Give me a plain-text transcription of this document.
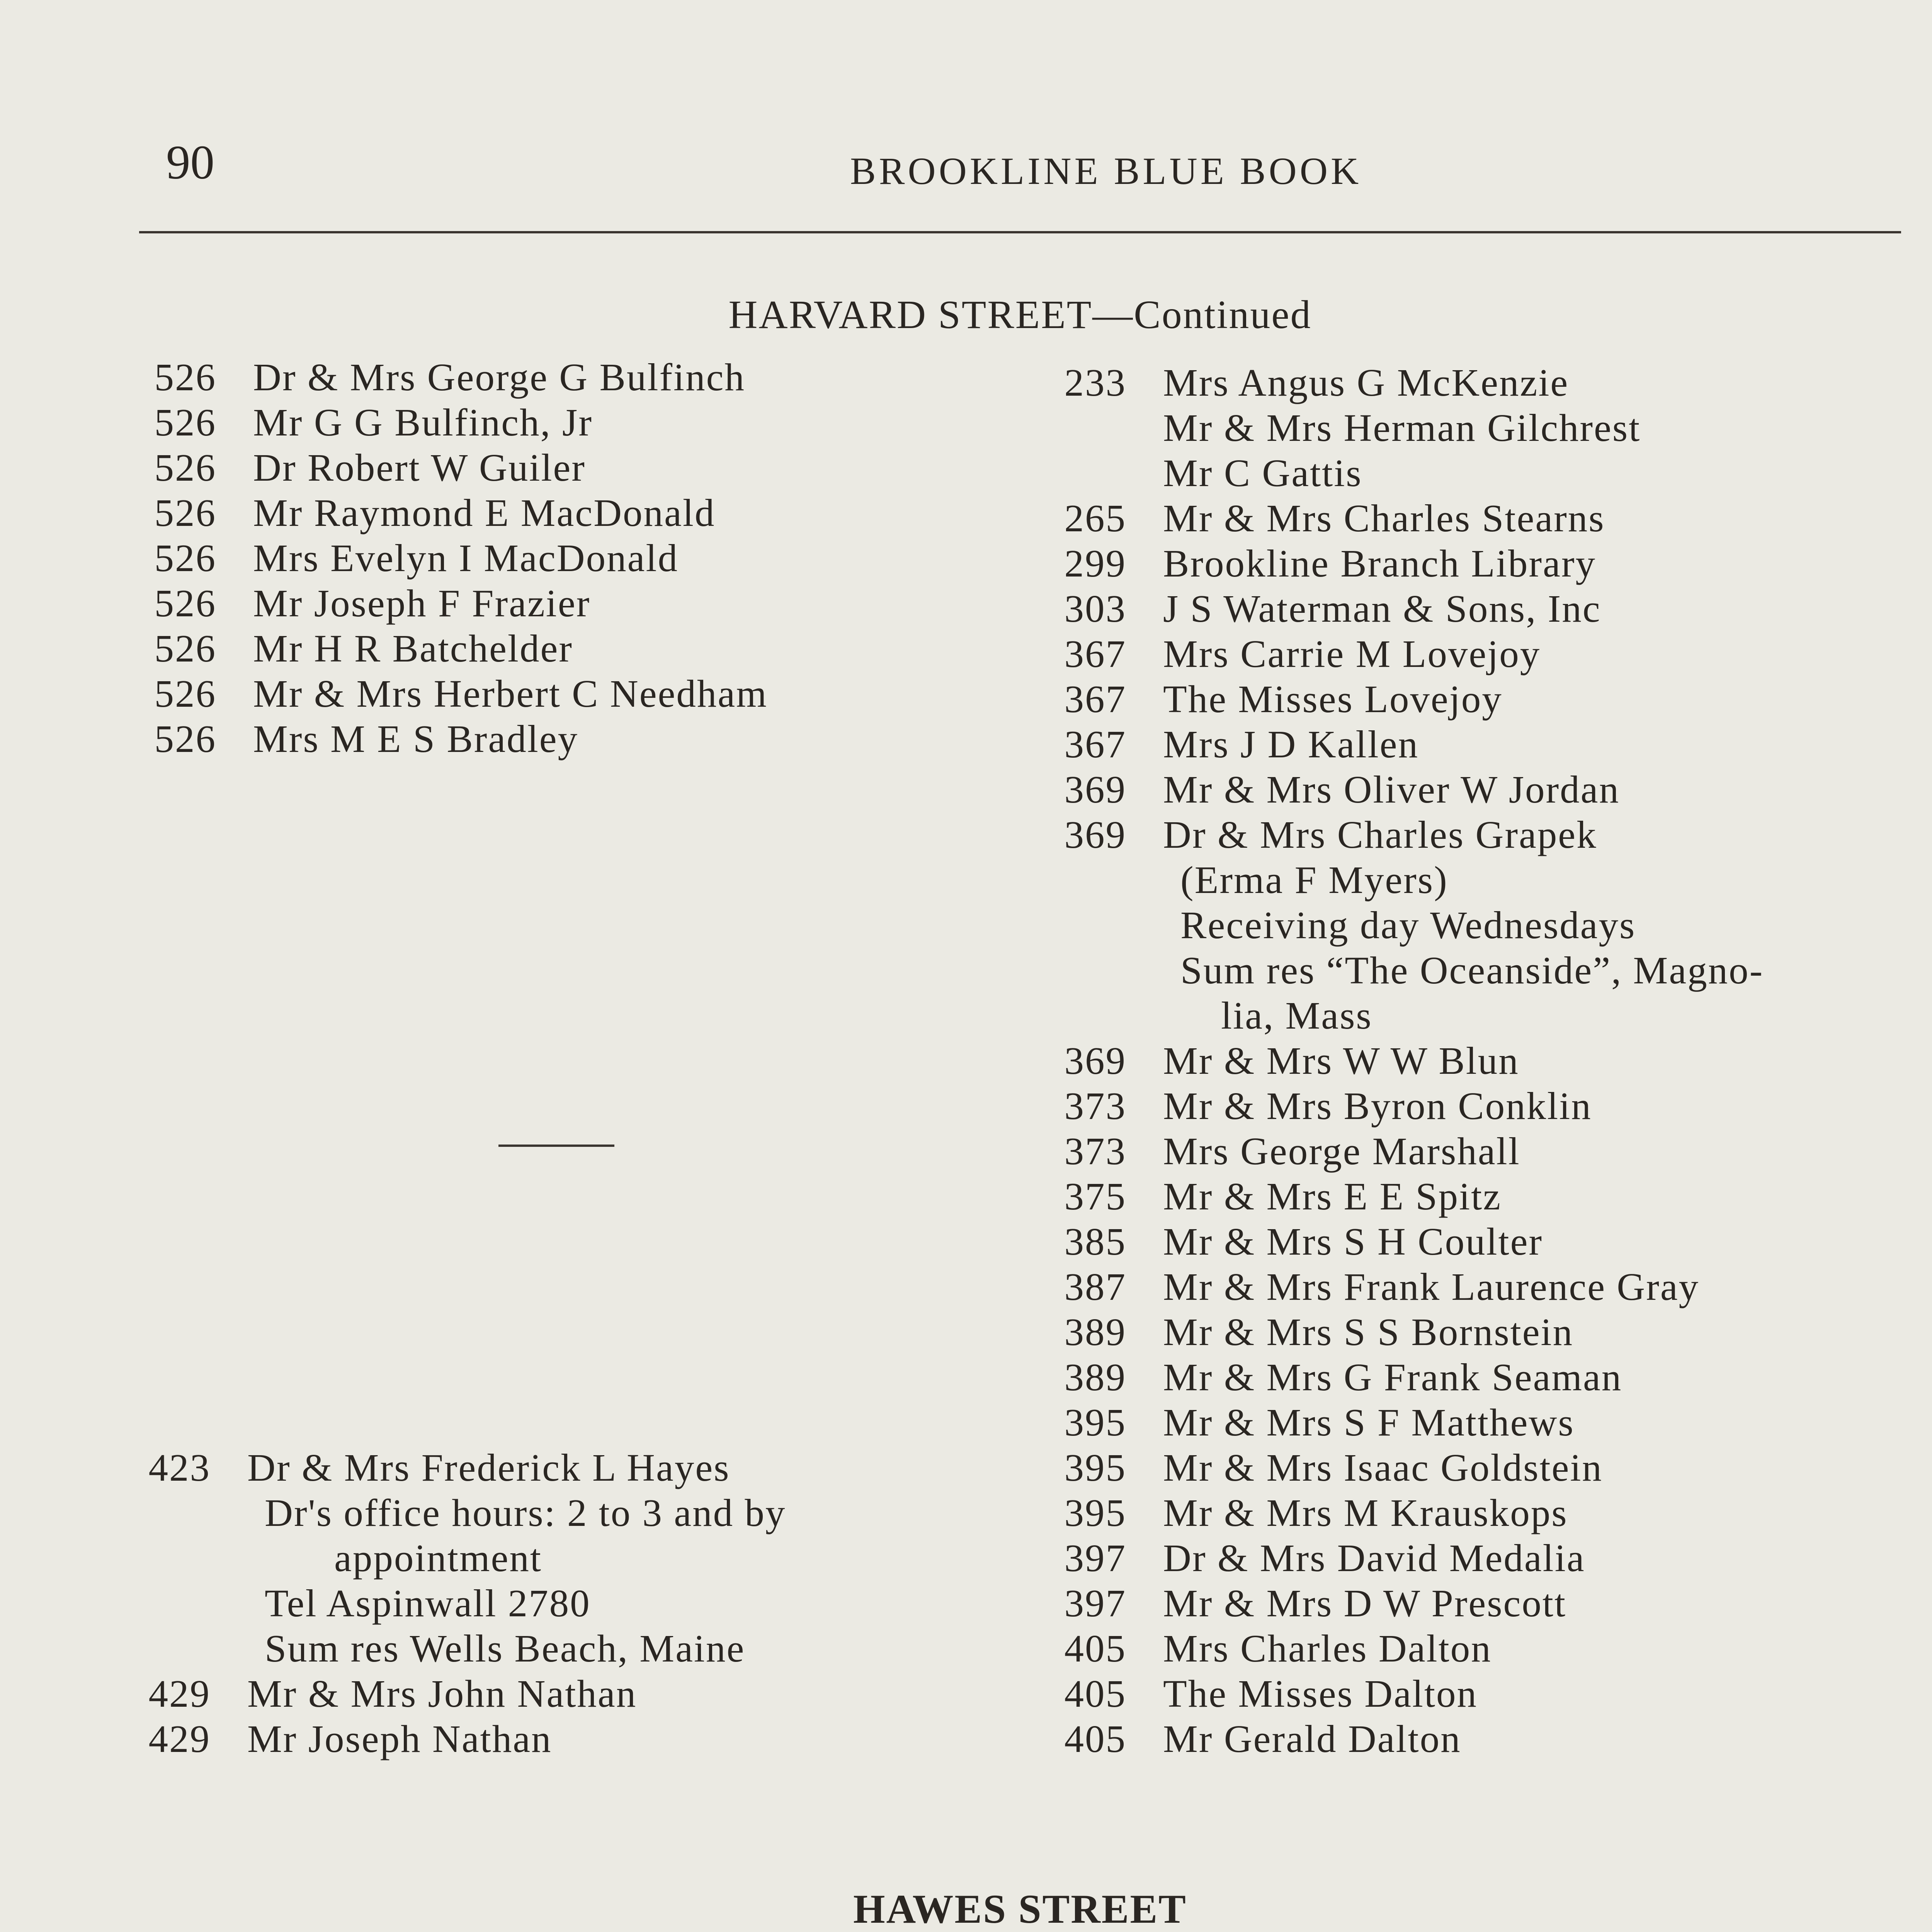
90	BROOKLINE BLUE BOOK
HARVARD STREET—Continued
526 Dr & Mrs George G Bulfinch
526 Mr G G Bulfinch, Jr
526 Dr Robert W Guiler
526 Mr Raymond E MacDonald
526 Mrs Evelyn I MacDonald
526 Mr Joseph F Frazier
526 Mr H R Batchelder
526 Mr & Mrs Herbert C Needham
526 Mrs M E S Bradley
423 Dr & Mrs Frederick L Hayes
Dr's office hours: 2 to 3 and by
appointment
Tel Aspinwall 2780
Sum res Wells Beach, Maine
429 Mr & Mrs John Nathan
429 Mr Joseph Nathan
233 Mrs Angus G McKenzie
Mr & Mrs Herman Gilchrest
Mr C Gattis
265 Mr & Mrs Charles Stearns
299 Brookline Branch Library
303 J S Waterman & Sons, Inc
367 Mrs Carrie M Lovejoy
367 The Misses Lovejoy
367 Mrs J D Kallen
369 Mr & Mrs Oliver W Jordan
369 Dr & Mrs Charles Grapek
(Erma F Myers)
Receiving day Wednesdays
Sum res “The Oceanside”, Magno-
lia, Mass
369 Mr & Mrs W W Blun
373 Mr & Mrs Byron Conklin
373 Mrs George Marshall
375 Mr & Mrs E E Spitz
385 Mr & Mrs S H Coulter
387 Mr & Mrs Frank Laurence Gray
389 Mr & Mrs S S Bornstein
389 Mr & Mrs G Frank Seaman
395 Mr & Mrs S F Matthews
395 Mr & Mrs Isaac Goldstein
395 Mr & Mrs M Krauskops
397 Dr & Mrs David Medalia
397 Mr & Mrs D W Prescott
405 Mrs Charles Dalton
405 The Misses Dalton
405 Mr Gerald Dalton
HAWES STREET
